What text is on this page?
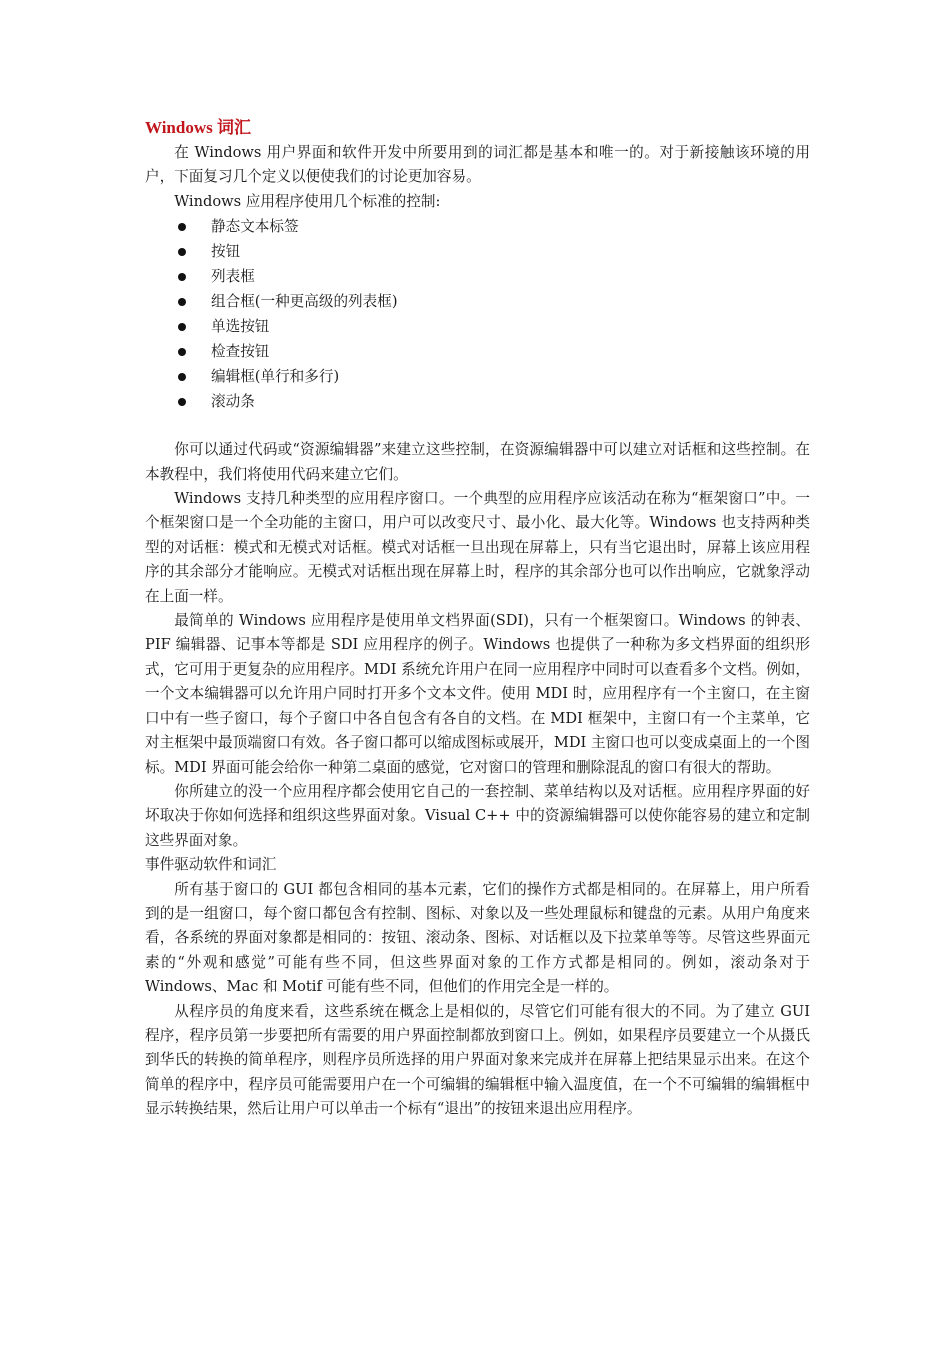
Windows 词汇

在 Windows 用户界面和软件开发中所要用到的词汇都是基本和唯一的。对于新接触该环境的用户，下面复习几个定义以便使我们的讨论更加容易。

Windows 应用程序使用几个标准的控制:

静态文本标签
按钮
列表框
组合框(一种更高级的列表框)
单选按钮
检查按钮
编辑框(单行和多行)
滚动条

你可以通过代码或“资源编辑器”来建立这些控制，在资源编辑器中可以建立对话框和这些控制。在本教程中，我们将使用代码来建立它们。

Windows 支持几种类型的应用程序窗口。一个典型的应用程序应该活动在称为“框架窗口”中。一个框架窗口是一个全功能的主窗口，用户可以改变尺寸、最小化、最大化等。Windows 也支持两种类型的对话框：模式和无模式对话框。模式对话框一旦出现在屏幕上，只有当它退出时，屏幕上该应用程序的其余部分才能响应。无模式对话框出现在屏幕上时，程序的其余部分也可以作出响应，它就象浮动在上面一样。

最简单的 Windows 应用程序是使用单文档界面(SDI)，只有一个框架窗口。Windows 的钟表、PIF 编辑器、记事本等都是 SDI 应用程序的例子。Windows 也提供了一种称为多文档界面的组织形式，它可用于更复杂的应用程序。MDI 系统允许用户在同一应用程序中同时可以查看多个文档。例如，一个文本编辑器可以允许用户同时打开多个文本文件。使用 MDI 时，应用程序有一个主窗口，在主窗口中有一些子窗口，每个子窗口中各自包含有各自的文档。在 MDI 框架中，主窗口有一个主菜单，它对主框架中最顶端窗口有效。各子窗口都可以缩成图标或展开，MDI 主窗口也可以变成桌面上的一个图标。MDI 界面可能会给你一种第二桌面的感觉，它对窗口的管理和删除混乱的窗口有很大的帮助。

你所建立的没一个应用程序都会使用它自己的一套控制、菜单结构以及对话框。应用程序界面的好坏取决于你如何选择和组织这些界面对象。Visual C++ 中的资源编辑器可以使你能容易的建立和定制这些界面对象。

事件驱动软件和词汇

所有基于窗口的 GUI 都包含相同的基本元素，它们的操作方式都是相同的。在屏幕上，用户所看到的是一组窗口，每个窗口都包含有控制、图标、对象以及一些处理鼠标和键盘的元素。从用户角度来看，各系统的界面对象都是相同的：按钮、滚动条、图标、对话框以及下拉菜单等等。尽管这些界面元素的“外观和感觉”可能有些不同，但这些界面对象的工作方式都是相同的。例如，滚动条对于 Windows、Mac 和 Motif 可能有些不同，但他们的作用完全是一样的。

从程序员的角度来看，这些系统在概念上是相似的，尽管它们可能有很大的不同。为了建立 GUI 程序，程序员第一步要把所有需要的用户界面控制都放到窗口上。例如，如果程序员要建立一个从摄氏到华氏的转换的简单程序，则程序员所选择的用户界面对象来完成并在屏幕上把结果显示出来。在这个简单的程序中，程序员可能需要用户在一个可编辑的编辑框中输入温度值，在一个不可编辑的编辑框中显示转换结果，然后让用户可以单击一个标有“退出”的按钮来退出应用程序。
